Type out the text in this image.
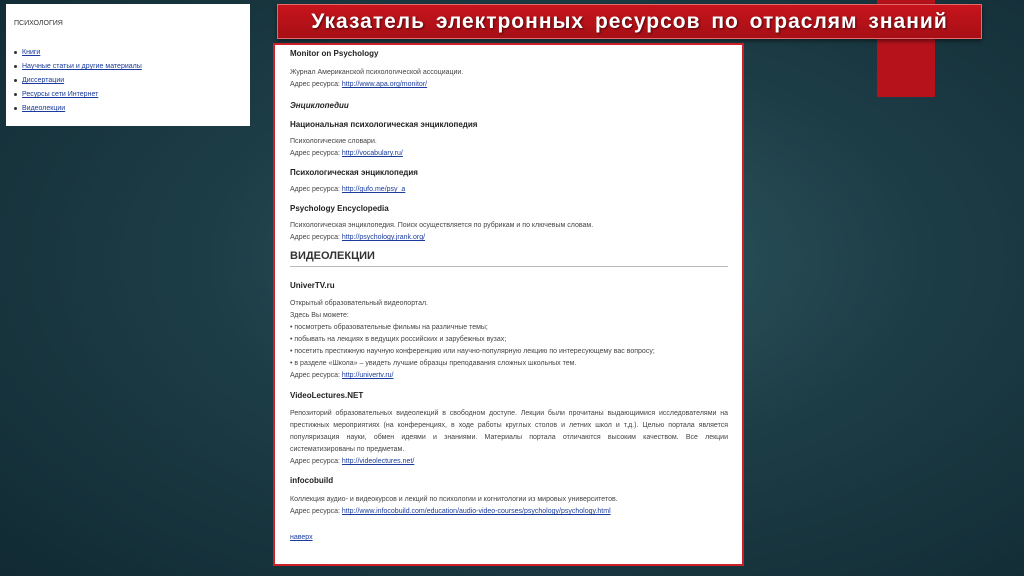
Указатель электронных ресурсов по отраслям знаний
ПСИХОЛОГИЯ
Книги
Научные статьи и другие материалы
Диссертации
Ресурсы сети Интернет
Видеолекции

Monitor on Psychology

Журнал Американской психологической ассоциации.

Адрес ресурса: http://www.apa.org/monitor/

Энциклопедии

Национальная психологическая энциклопедия

Психологические словари.

Адрес ресурса: http://vocabulary.ru/

Психологическая энциклопедия

Адрес ресурса: http://gufo.me/psy_a

Psychology Encyclopedia

Психологическая энциклопедия. Поиск осуществляется по рубрикам и по ключевым словам.

Адрес ресурса: http://psychology.jrank.org/

ВИДЕОЛЕКЦИИ

UniverTV.ru

Открытый образовательный видеопортал.

Здесь Вы можете:

• посмотреть образовательные фильмы на различные темы;

• побывать на лекциях в ведущих российских и зарубежных вузах;

• посетить престижную научную конференцию или научно-популярную лекцию по интересующему вас вопросу;

• в разделе «Школа» – увидеть лучшие образцы преподавания сложных школьных тем.

Адрес ресурса: http://univertv.ru/

VideoLectures.NET

Репозиторий образовательных видеолекций в свободном доступе. Лекции были прочитаны выдающимися исследователями на престижных мероприятиях (на конференциях, в ходе работы круглых столов и летних школ и т.д.). Целью портала является популяризация науки, обмен идеями и знаниями. Материалы портала отличаются высоким качеством. Все лекции систематизированы по предметам.

Адрес ресурса: http://videolectures.net/

infocobuild

Коллекция аудио- и видеокурсов и лекций по психологии и когнитологии из мировых университетов.

Адрес ресурса: http://www.infocobuild.com/education/audio-video-courses/psychology/psychology.html

наверх
